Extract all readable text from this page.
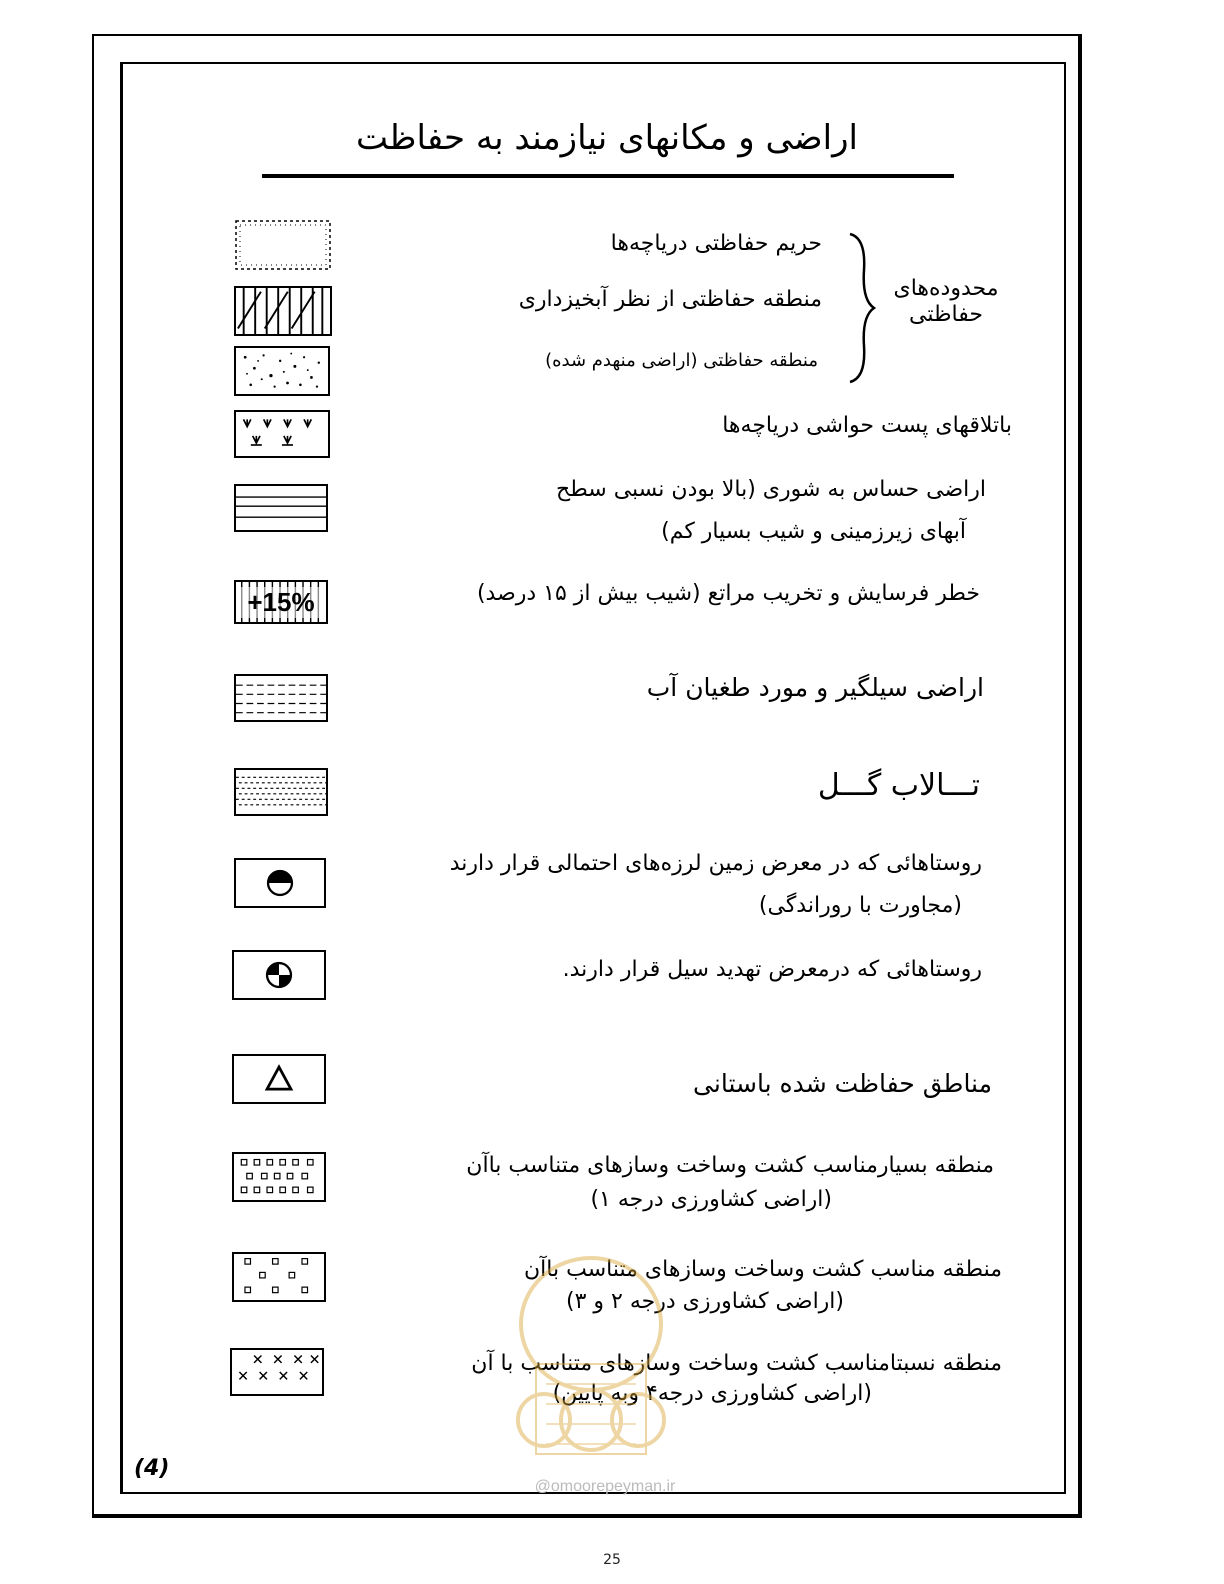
اراضی و مکانهای نیازمند به حفاظت
حریم حفاظتی دریاچه‌ها
منطقه حفاظتی از نظر آبخیزداری
منطقه حفاظتی (اراضی منهدم شده)
محدوده‌های
حفاظتی
باتلاقهای پست حواشی دریاچه‌ها
اراضی حساس به شوری (بالا بودن نسبی سطح
آبهای زیرزمینی و شیب بسیار کم)
+15%	خطر فرسایش و تخریب مراتع (شیب بیش از ۱۵ درصد)
اراضی سیلگیر و مورد طغیان آب
تـــالاب گـــل
روستاهائی که در معرض زمین لرزه‌های احتمالی قرار دارند
(مجاورت با روراندگی)
روستاهائی که درمعرض تهدید سیل قرار دارند.
مناطق حفاظت شده باستانی
منطقه بسیارمناسب کشت وساخت وسازهای متناسب باآن
(اراضی کشاورزی درجه ۱)
منطقه مناسب کشت وساخت وسازهای متناسب باآن
(اراضی کشاورزی درجه ۲ و ۳)
منطقه نسبتامناسب کشت وساخت وسازهای متناسب با آن
(اراضی کشاورزی درجه۴ وبه پایین)
@omoorepeyman.ir
(4)
25
